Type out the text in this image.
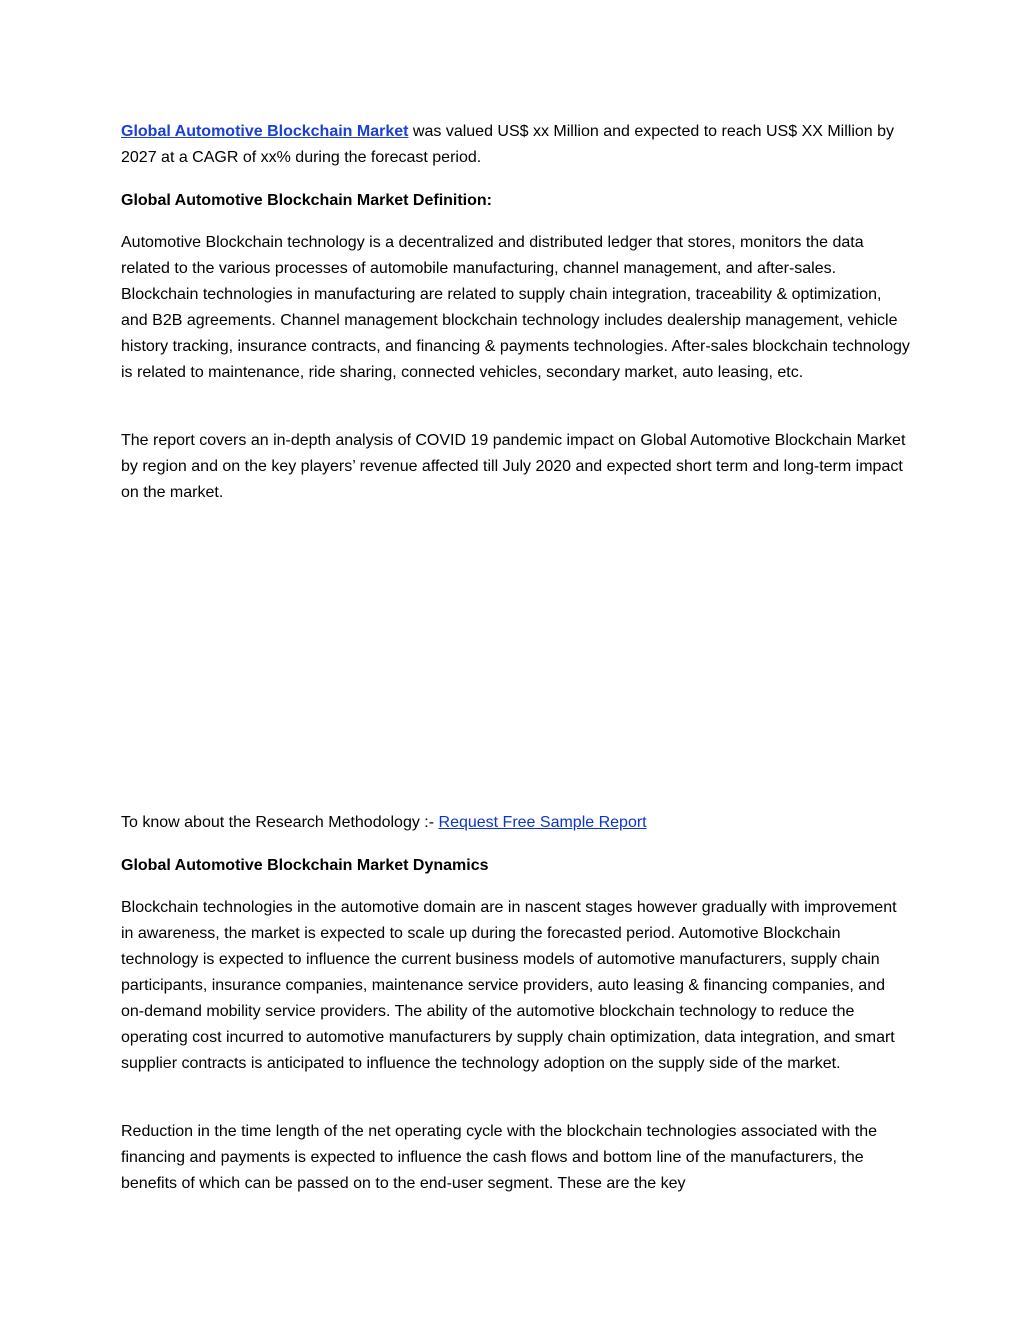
Global Automotive Blockchain Market was valued US$ xx Million and expected to reach US$ XX Million by 2027 at a CAGR of xx% during the forecast period.

Global Automotive Blockchain Market Definition:

Automotive Blockchain technology is a decentralized and distributed ledger that stores, monitors the data related to the various processes of automobile manufacturing, channel management, and after-sales. Blockchain technologies in manufacturing are related to supply chain integration, traceability & optimization, and B2B agreements. Channel management blockchain technology includes dealership management, vehicle history tracking, insurance contracts, and financing & payments technologies. After-sales blockchain technology is related to maintenance, ride sharing, connected vehicles, secondary market, auto leasing, etc.

The report covers an in-depth analysis of COVID 19 pandemic impact on Global Automotive Blockchain Market by region and on the key players’ revenue affected till July 2020 and expected short term and long-term impact on the market.

To know about the Research Methodology :- Request Free Sample Report

Global Automotive Blockchain Market Dynamics

Blockchain technologies in the automotive domain are in nascent stages however gradually with improvement in awareness, the market is expected to scale up during the forecasted period. Automotive Blockchain technology is expected to influence the current business models of automotive manufacturers, supply chain participants, insurance companies, maintenance service providers, auto leasing & financing companies, and on-demand mobility service providers. The ability of the automotive blockchain technology to reduce the operating cost incurred to automotive manufacturers by supply chain optimization, data integration, and smart supplier contracts is anticipated to influence the technology adoption on the supply side of the market.

Reduction in the time length of the net operating cycle with the blockchain technologies associated with the financing and payments is expected to influence the cash flows and bottom line of the manufacturers, the benefits of which can be passed on to the end-user segment. These are the key
